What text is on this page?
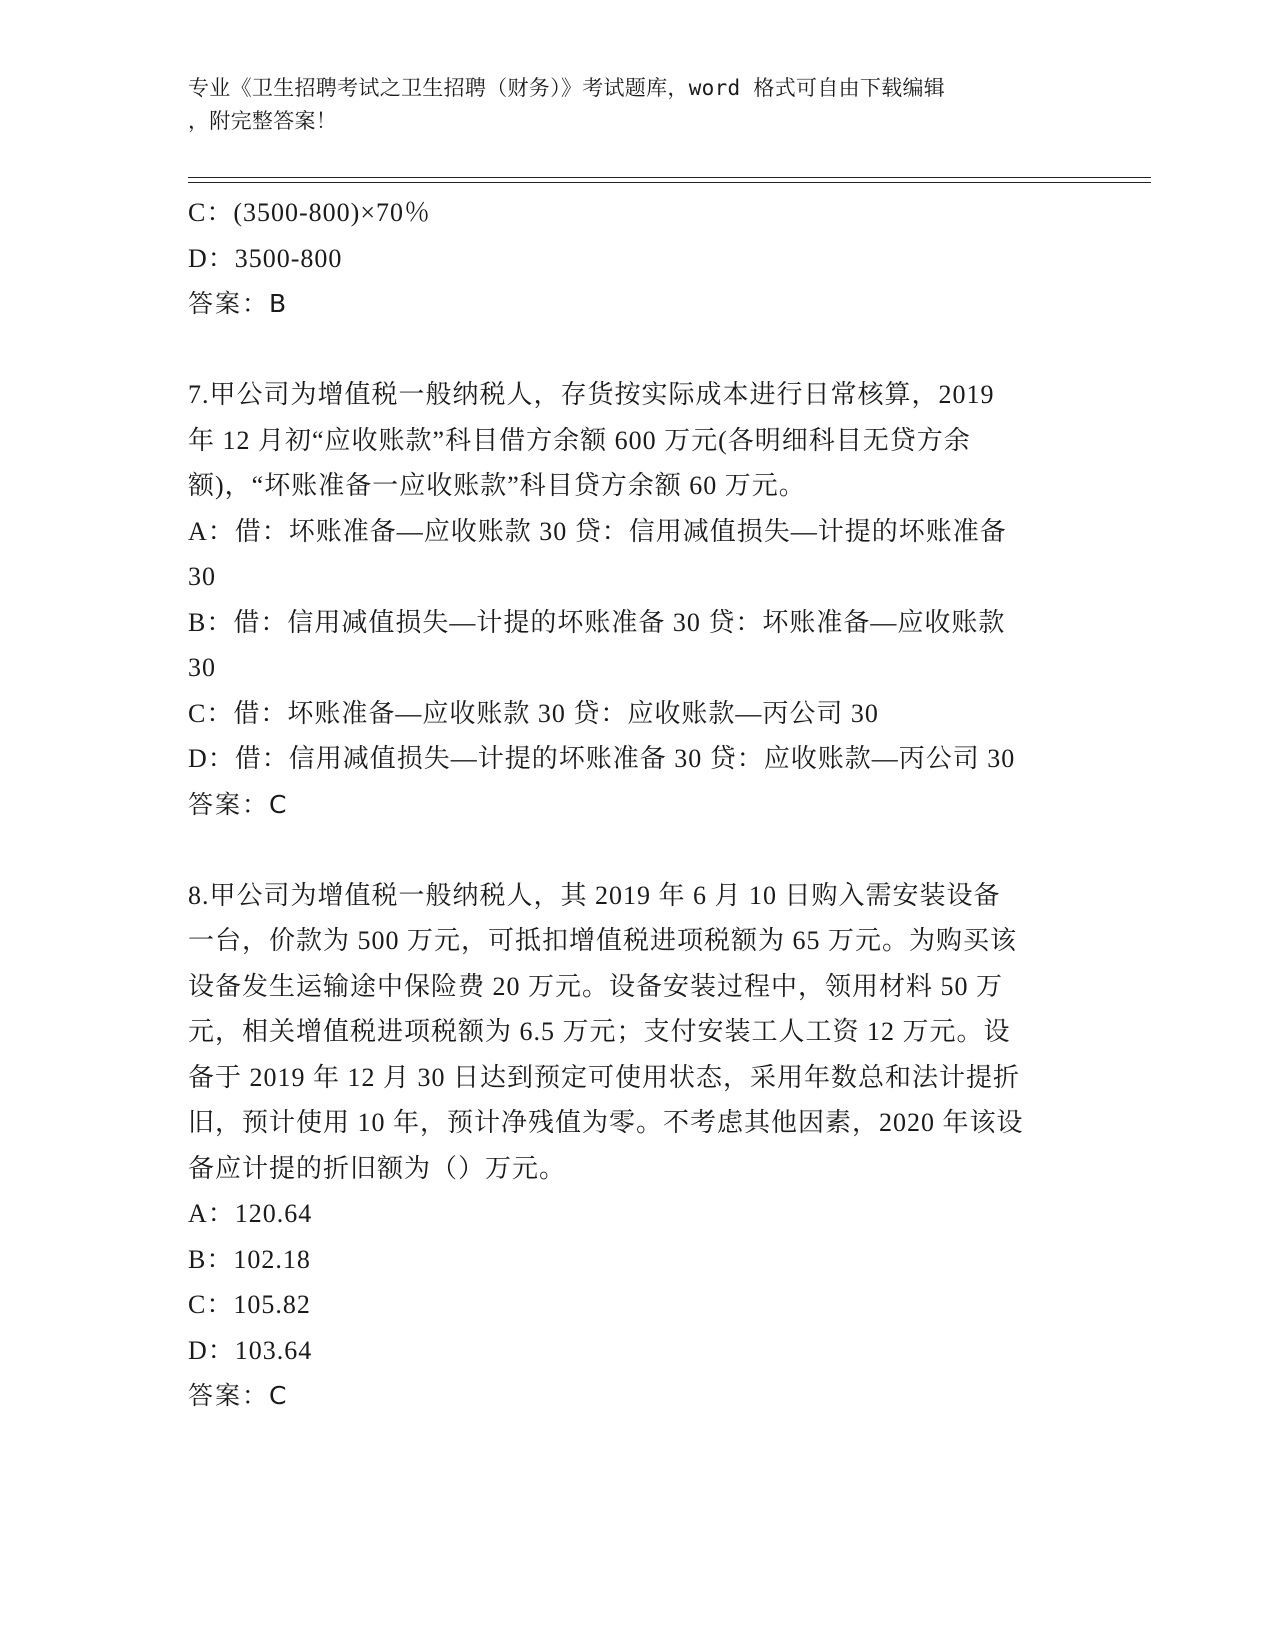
专业《卫生招聘考试之卫生招聘（财务）》考试题库，word 格式可自由下载编辑
，附完整答案！
C：(3500-800)×70％
D：3500-800
答案：B
7.甲公司为增值税一般纳税人，存货按实际成本进行日常核算，2019
年 12 月初“应收账款”科目借方余额 600 万元(各明细科目无贷方余
额)，“坏账准备一应收账款”科目贷方余额 60 万元。
A：借：坏账准备—应收账款 30 贷：信用减值损失—计提的坏账准备
30
B：借：信用减值损失—计提的坏账准备 30 贷：坏账准备—应收账款
30
C：借：坏账准备—应收账款 30 贷：应收账款—丙公司 30
D：借：信用减值损失—计提的坏账准备 30 贷：应收账款—丙公司 30
答案：C
8.甲公司为增值税一般纳税人，其 2019 年 6 月 10 日购入需安装设备
一台，价款为 500 万元，可抵扣增值税进项税额为 65 万元。为购买该
设备发生运输途中保险费 20 万元。设备安装过程中，领用材料 50 万
元，相关增值税进项税额为 6.5 万元；支付安装工人工资 12 万元。设
备于 2019 年 12 月 30 日达到预定可使用状态，采用年数总和法计提折
旧，预计使用 10 年，预计净残值为零。不考虑其他因素，2020 年该设
备应计提的折旧额为（）万元。
A：120.64
B：102.18
C：105.82
D：103.64
答案：C
